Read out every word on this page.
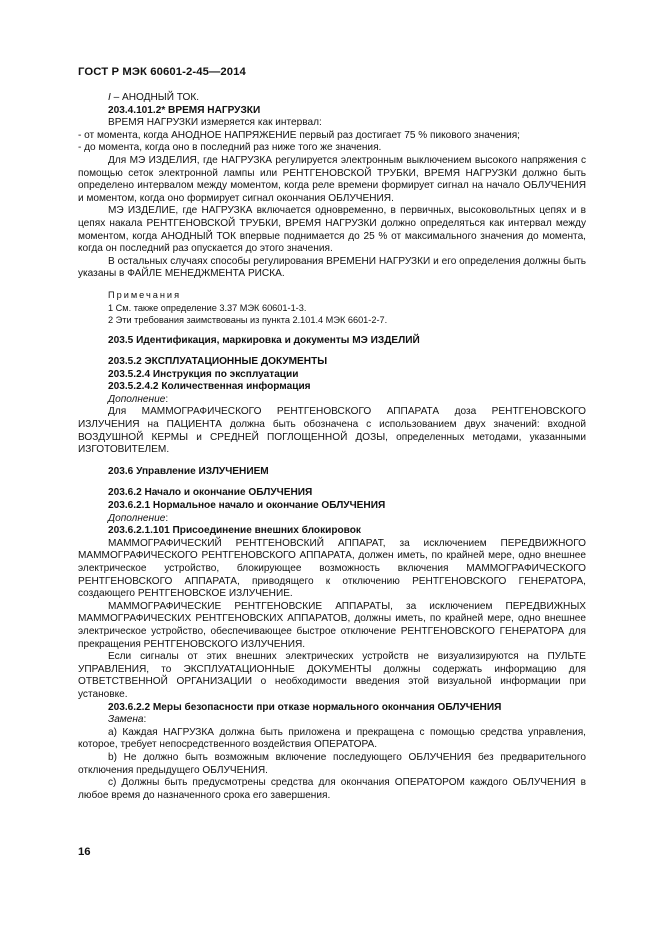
ГОСТ Р МЭК 60601-2-45—2014

I – АНОДНЫЙ ТОК.

203.4.101.2* ВРЕМЯ НАГРУЗКИ

ВРЕМЯ НАГРУЗКИ измеряется как интервал:

- от момента, когда АНОДНОЕ НАПРЯЖЕНИЕ первый раз достигает 75 % пикового значения;

- до момента, когда оно в последний раз ниже того же значения.

Для МЭ ИЗДЕЛИЯ, где НАГРУЗКА регулируется электронным выключением высокого напряжения с помощью сеток электронной лампы или РЕНТГЕНОВСКОЙ ТРУБКИ, ВРЕМЯ НАГРУЗКИ должно быть определено интервалом между моментом, когда реле времени формирует сигнал на начало ОБЛУЧЕНИЯ и моментом, когда оно формирует сигнал окончания ОБЛУЧЕНИЯ.

МЭ ИЗДЕЛИЕ, где НАГРУЗКА включается одновременно, в первичных, высоковольтных цепях и в цепях накала РЕНТГЕНОВСКОЙ ТРУБКИ, ВРЕМЯ НАГРУЗКИ должно определяться как интервал между моментом, когда АНОДНЫЙ ТОК впервые поднимается до 25 % от максимального значения до момента, когда он последний раз опускается до этого значения.

В остальных случаях способы регулирования ВРЕМЕНИ НАГРУЗКИ и его определения должны быть указаны в ФАЙЛЕ МЕНЕДЖМЕНТА РИСКА.

Примечания

1 См. также определение 3.37 МЭК 60601-1-3.

2 Эти требования заимствованы из пункта 2.101.4 МЭК 6601-2-7.

203.5 Идентификация, маркировка и документы МЭ ИЗДЕЛИЙ

203.5.2 ЭКСПЛУАТАЦИОННЫЕ ДОКУМЕНТЫ

203.5.2.4 Инструкция по эксплуатации

203.5.2.4.2 Количественная информация

Дополнение:

Для МАММОГРАФИЧЕСКОГО РЕНТГЕНОВСКОГО АППАРАТА доза РЕНТГЕНОВСКОГО ИЗЛУЧЕНИЯ на ПАЦИЕНТА должна быть обозначена с использованием двух значений: входной ВОЗДУШНОЙ КЕРМЫ и СРЕДНЕЙ ПОГЛОЩЕННОЙ ДОЗЫ, определенных методами, указанными ИЗГОТОВИТЕЛЕМ.

203.6 Управление ИЗЛУЧЕНИЕМ

203.6.2 Начало и окончание ОБЛУЧЕНИЯ

203.6.2.1 Нормальное начало и окончание ОБЛУЧЕНИЯ

Дополнение:

203.6.2.1.101 Присоединение внешних блокировок

МАММОГРАФИЧЕСКИЙ РЕНТГЕНОВСКИЙ АППАРАТ, за исключением ПЕРЕДВИЖНОГО МАММОГРАФИЧЕСКОГО РЕНТГЕНОВСКОГО АППАРАТА, должен иметь, по крайней мере, одно внешнее электрическое устройство, блокирующее возможность включения МАММОГРАФИЧЕСКОГО РЕНТГЕНОВСКОГО АППАРАТА, приводящего к отключению РЕНТГЕНОВСКОГО ГЕНЕРАТОРА, создающего РЕНТГЕНОВСКОЕ ИЗЛУЧЕНИЕ.

МАММОГРАФИЧЕСКИЕ РЕНТГЕНОВСКИЕ АППАРАТЫ, за исключением ПЕРЕДВИЖНЫХ МАММОГРАФИЧЕСКИХ РЕНТГЕНОВСКИХ АППАРАТОВ, должны иметь, по крайней мере, одно внешнее электрическое устройство, обеспечивающее быстрое отключение РЕНТГЕНОВСКОГО ГЕНЕРАТОРА для прекращения РЕНТГЕНОВСКОГО ИЗЛУЧЕНИЯ.

Если сигналы от этих внешних электрических устройств не визуализируются на ПУЛЬТЕ УПРАВЛЕНИЯ, то ЭКСПЛУАТАЦИОННЫЕ ДОКУМЕНТЫ должны содержать информацию для ОТВЕТСТВЕННОЙ ОРГАНИЗАЦИИ о необходимости введения этой визуальной информации при установке.

203.6.2.2 Меры безопасности при отказе нормального окончания ОБЛУЧЕНИЯ

Замена:

а) Каждая НАГРУЗКА должна быть приложена и прекращена с помощью средства управления, которое, требует непосредственного воздействия ОПЕРАТОРА.

b) Не должно быть возможным включение последующего ОБЛУЧЕНИЯ без предварительного отключения предыдущего ОБЛУЧЕНИЯ.

c) Должны быть предусмотрены средства для окончания ОПЕРАТОРОМ каждого ОБЛУЧЕНИЯ в любое время до назначенного срока его завершения.

16
